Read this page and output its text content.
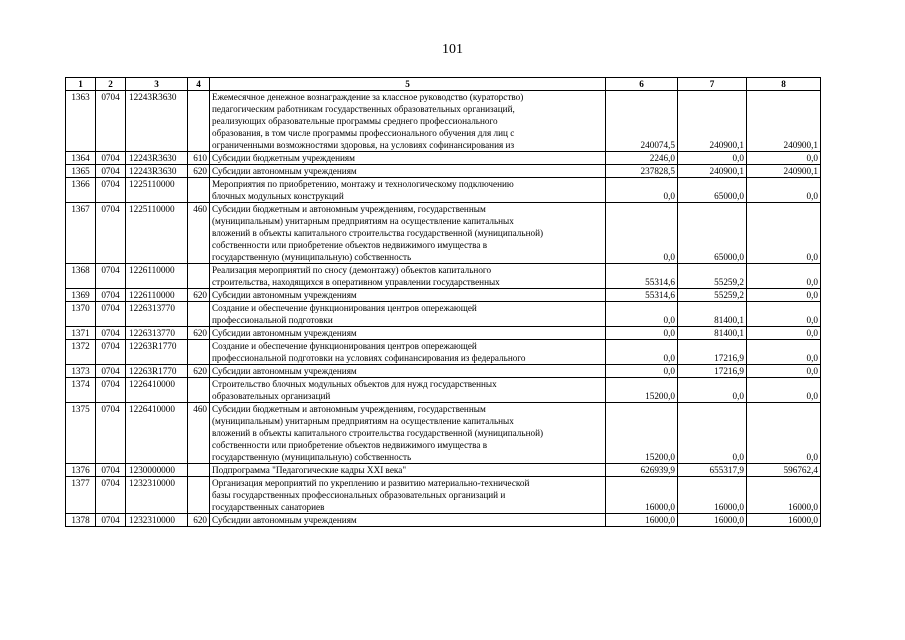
101
1	2	3	4	5	6	7	8
1363	0704	12243R3630		Ежемесячное денежное вознаграждение за классное руководство (кураторство)
педагогическим работникам государственных образовательных организаций,
реализующих образовательные программы среднего профессионального
образования, в том числе программы профессионального обучения для лиц с
ограниченными возможностями здоровья, на условиях софинансирования из	240074,5	240900,1	240900,1
1364	0704	12243R3630	610	Субсидии бюджетным учреждениям	2246,0	0,0	0,0
1365	0704	12243R3630	620	Субсидии автономным учреждениям	237828,5	240900,1	240900,1
1366	0704	1225110000		Мероприятия по приобретению, монтажу и технологическому подключению
блочных модульных конструкций	0,0	65000,0	0,0
1367	0704	1225110000	460	Субсидии бюджетным и автономным учреждениям, государственным
(муниципальным) унитарным предприятиям на осуществление капитальных
вложений в объекты капитального строительства государственной (муниципальной)
собственности или приобретение объектов недвижимого имущества в
государственную (муниципальную) собственность	0,0	65000,0	0,0
1368	0704	1226110000		Реализация мероприятий по сносу (демонтажу) объектов капитального
строительства, находящихся в оперативном управлении государственных	55314,6	55259,2	0,0
1369	0704	1226110000	620	Субсидии автономным учреждениям	55314,6	55259,2	0,0
1370	0704	1226313770		Создание и обеспечение функционирования центров опережающей
профессиональной подготовки	0,0	81400,1	0,0
1371	0704	1226313770	620	Субсидии автономным учреждениям	0,0	81400,1	0,0
1372	0704	12263R1770		Создание и обеспечение функционирования центров опережающей
профессиональной подготовки на условиях софинансирования из федерального	0,0	17216,9	0,0
1373	0704	12263R1770	620	Субсидии автономным учреждениям	0,0	17216,9	0,0
1374	0704	1226410000		Строительство блочных модульных объектов для нужд государственных
образовательных организаций	15200,0	0,0	0,0
1375	0704	1226410000	460	Субсидии бюджетным и автономным учреждениям, государственным
(муниципальным) унитарным предприятиям на осуществление капитальных
вложений в объекты капитального строительства государственной (муниципальной)
собственности или приобретение объектов недвижимого имущества в
государственную (муниципальную) собственность	15200,0	0,0	0,0
1376	0704	1230000000		Подпрограмма "Педагогические кадры XXI века"	626939,9	655317,9	596762,4
1377	0704	1232310000		Организация мероприятий по укреплению и развитию материально-технической
базы государственных профессиональных образовательных организаций и
государственных санаториев	16000,0	16000,0	16000,0
1378	0704	1232310000	620	Субсидии автономным учреждениям	16000,0	16000,0	16000,0
